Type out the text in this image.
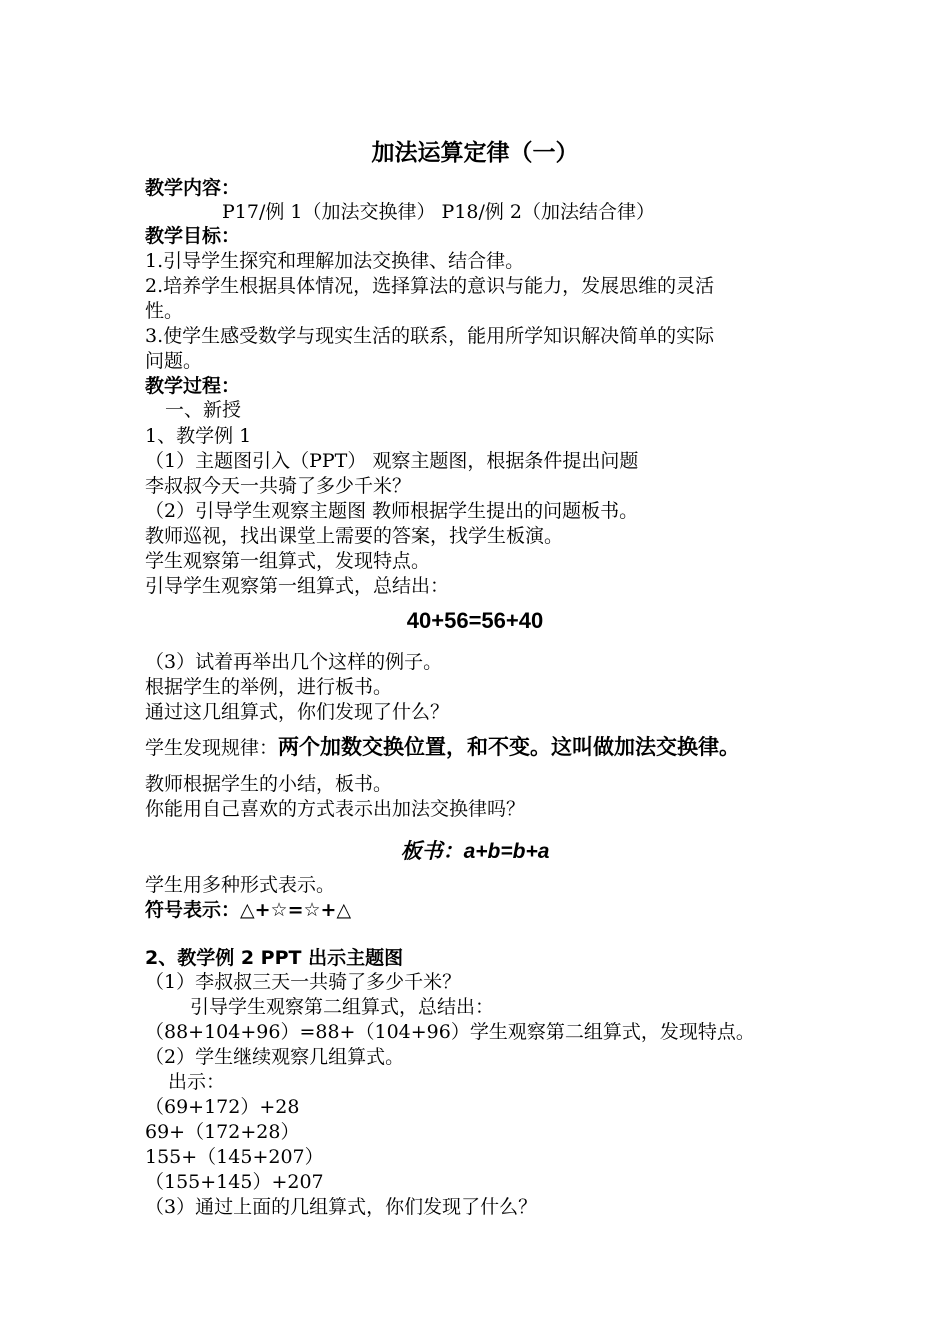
加法运算定律（一）
教学内容：
P17/例 1（加法交换律） P18/例 2（加法结合律）
教学目标：
1.引导学生探究和理解加法交换律、结合律。
2.培养学生根据具体情况，选择算法的意识与能力，发展思维的灵活
性。
3.使学生感受数学与现实生活的联系，能用所学知识解决简单的实际
问题。
教学过程：
一、新授
1、教学例 1
（1）主题图引入（PPT） 观察主题图，根据条件提出问题
李叔叔今天一共骑了多少千米？
（2）引导学生观察主题图 教师根据学生提出的问题板书。
教师巡视，找出课堂上需要的答案，找学生板演。
学生观察第一组算式，发现特点。
引导学生观察第一组算式，总结出：
40+56=56+40
（3）试着再举出几个这样的例子。
根据学生的举例，进行板书。
通过这几组算式，你们发现了什么？
学生发现规律：两个加数交换位置，和不变。这叫做加法交换律。
教师根据学生的小结，板书。
你能用自己喜欢的方式表示出加法交换律吗？
板书：a+b=b+a
学生用多种形式表示。
符号表示：△+☆=☆+△
2、教学例 2 PPT 出示主题图
（1）李叔叔三天一共骑了多少千米？
引导学生观察第二组算式，总结出：
（88+104+96）=88+（104+96）学生观察第二组算式，发现特点。
（2）学生继续观察几组算式。
出示：
（69+172）+28
69+（172+28）
155+（145+207）
（155+145）+207
（3）通过上面的几组算式，你们发现了什么？
